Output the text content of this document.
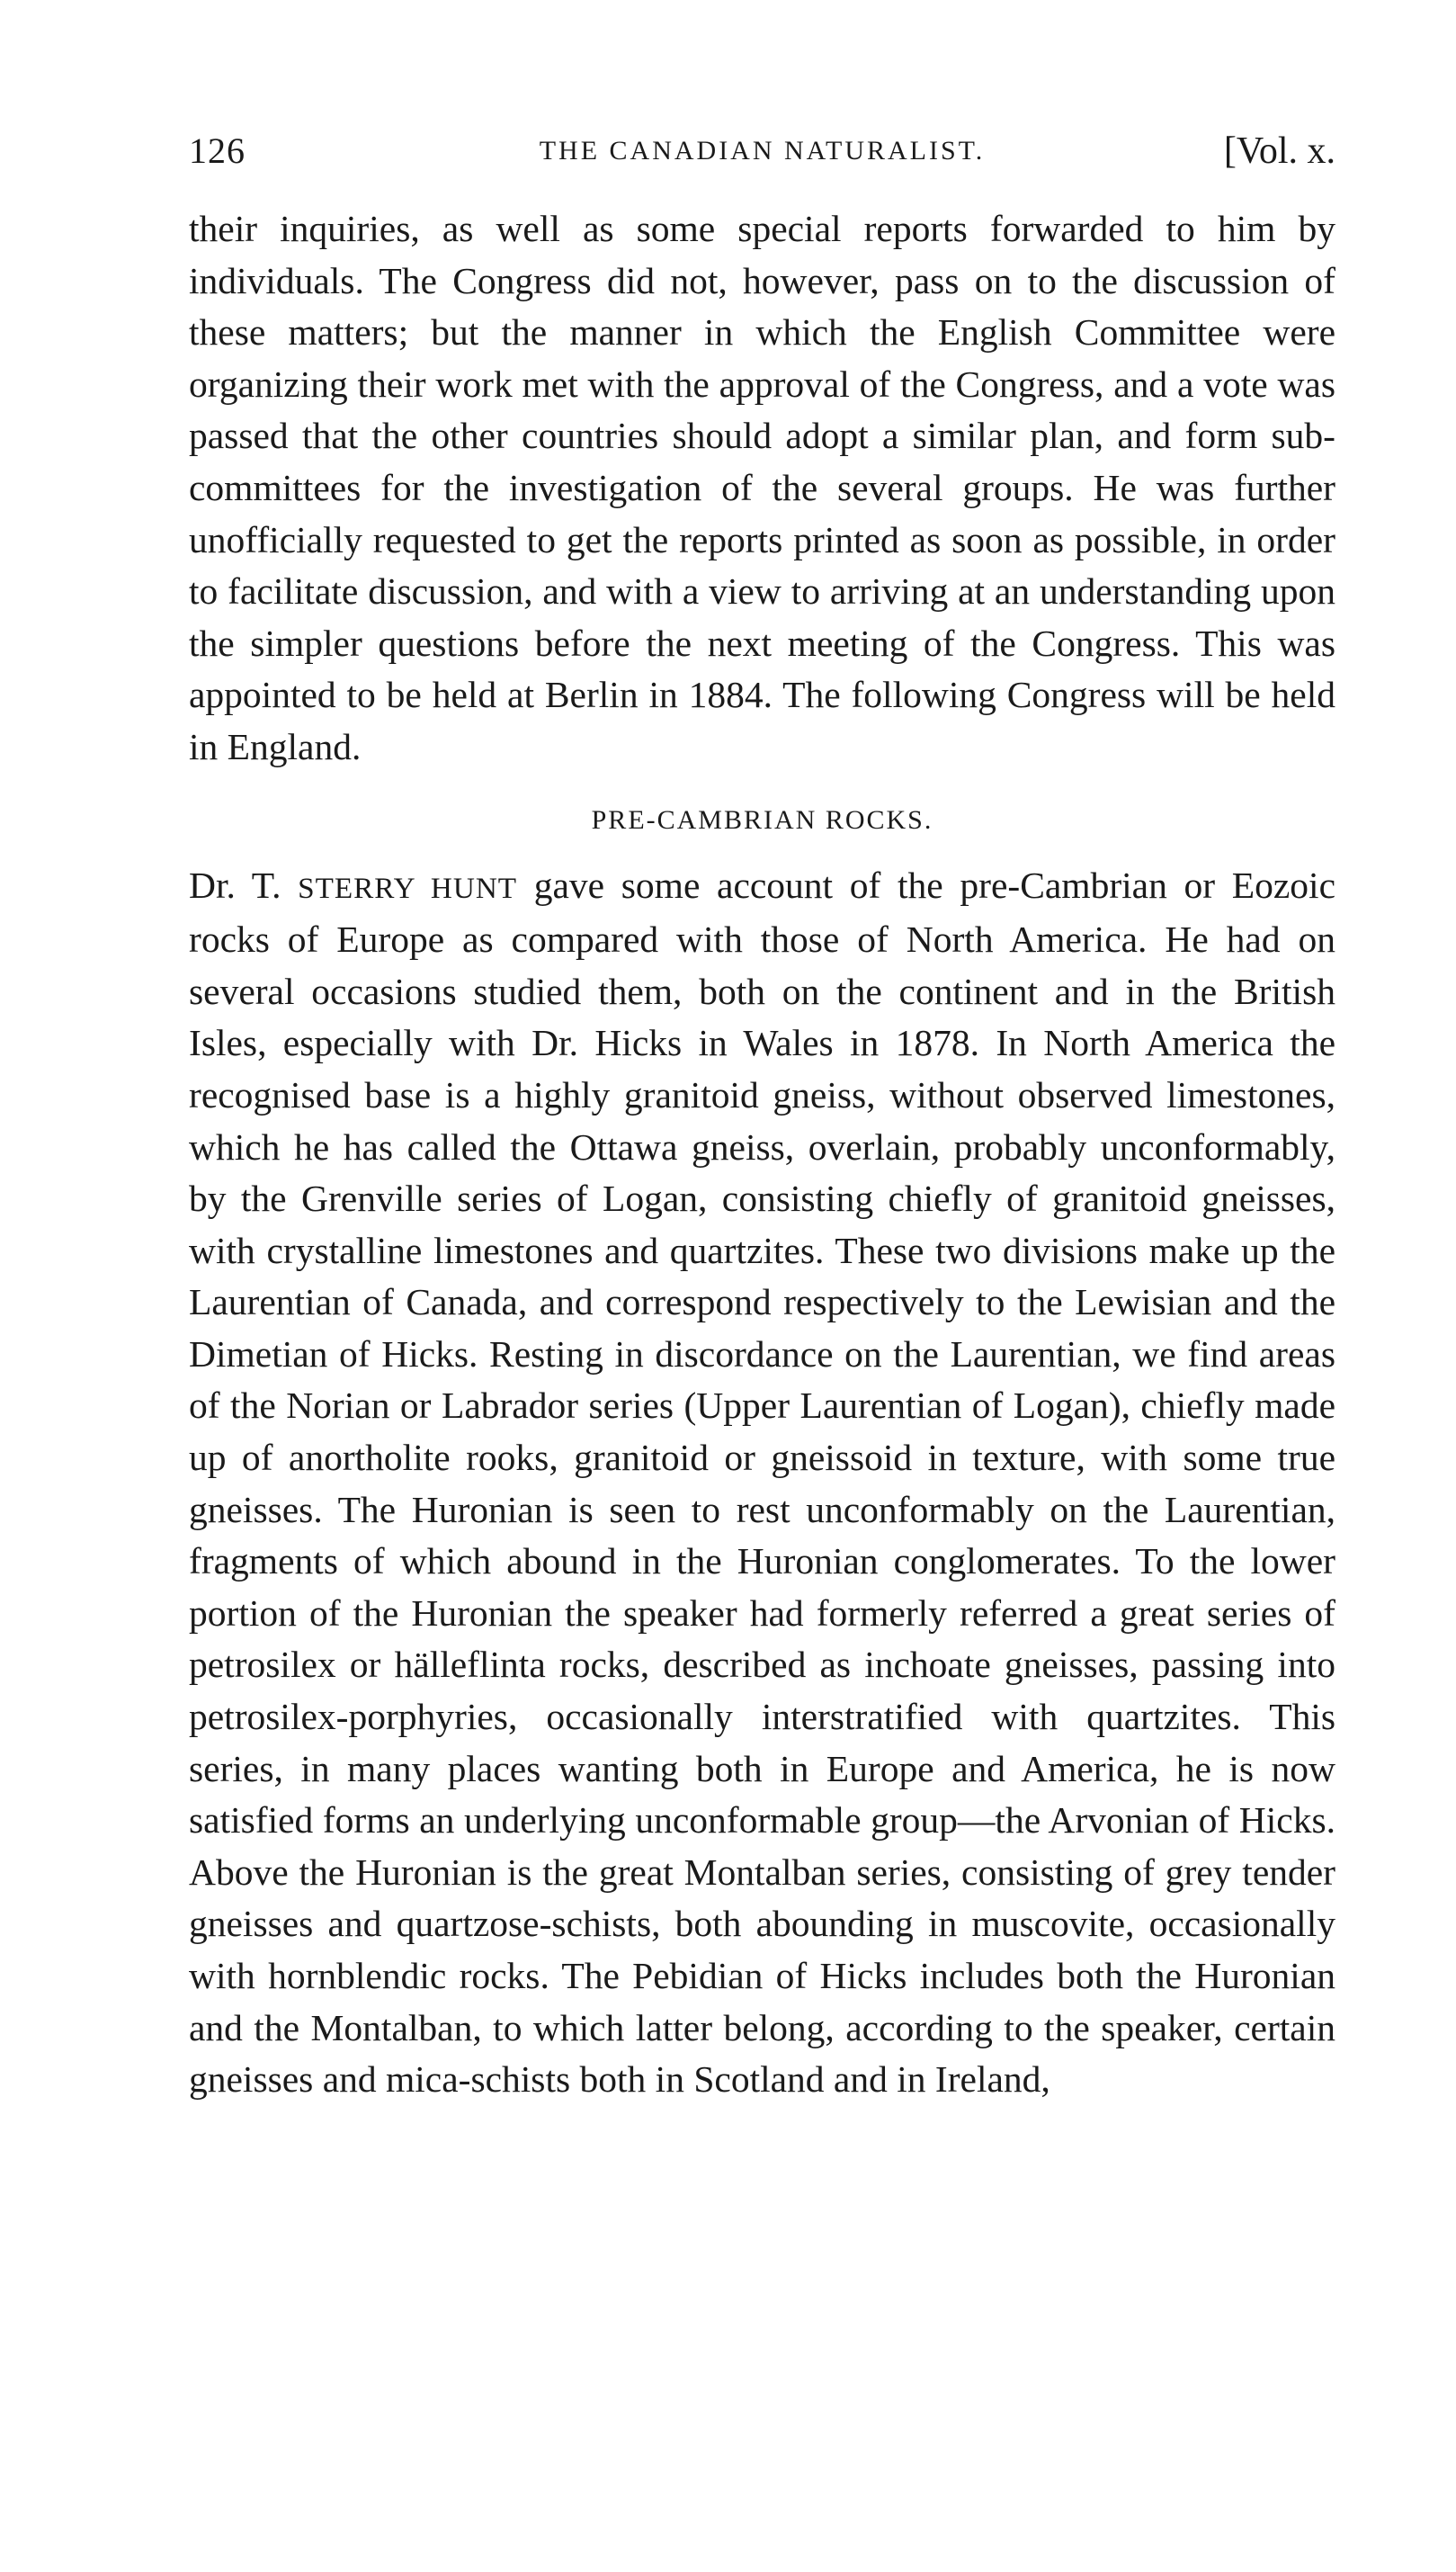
126	THE CANADIAN NATURALIST.	[Vol. x.

their inquiries, as well as some special reports forwarded to him by individuals. The Congress did not, however, pass on to the discussion of these matters; but the manner in which the English Committee were organizing their work met with the approval of the Congress, and a vote was passed that the other countries should adopt a similar plan, and form sub-committees for the investigation of the several groups. He was further unofficially requested to get the reports printed as soon as possible, in order to facilitate discussion, and with a view to arriving at an understanding upon the simpler questions before the next meeting of the Congress. This was appointed to be held at Berlin in 1884. The following Congress will be held in England.

PRE-CAMBRIAN ROCKS.

Dr. T. STERRY HUNT gave some account of the pre-Cambrian or Eozoic rocks of Europe as compared with those of North America. He had on several occasions studied them, both on the continent and in the British Isles, especially with Dr. Hicks in Wales in 1878. In North America the recognised base is a highly granitoid gneiss, without observed limestones, which he has called the Ottawa gneiss, overlain, probably unconformably, by the Grenville series of Logan, consisting chiefly of granitoid gneisses, with crystalline limestones and quartzites. These two divisions make up the Laurentian of Canada, and correspond respectively to the Lewisian and the Dimetian of Hicks. Resting in discordance on the Laurentian, we find areas of the Norian or Labrador series (Upper Laurentian of Logan), chiefly made up of anortholite rooks, granitoid or gneissoid in texture, with some true gneisses. The Huronian is seen to rest unconformably on the Laurentian, fragments of which abound in the Huronian conglomerates. To the lower portion of the Huronian the speaker had formerly referred a great series of petrosilex or hälleflinta rocks, described as inchoate gneisses, passing into petrosilex-porphyries, occasionally interstratified with quartzites. This series, in many places wanting both in Europe and America, he is now satisfied forms an underlying unconformable group—the Arvonian of Hicks. Above the Huronian is the great Montalban series, consisting of grey tender gneisses and quartzose-schists, both abounding in muscovite, occasionally with hornblendic rocks. The Pebidian of Hicks includes both the Huronian and the Montalban, to which latter belong, according to the speaker, certain gneisses and mica-schists both in Scotland and in Ireland,
